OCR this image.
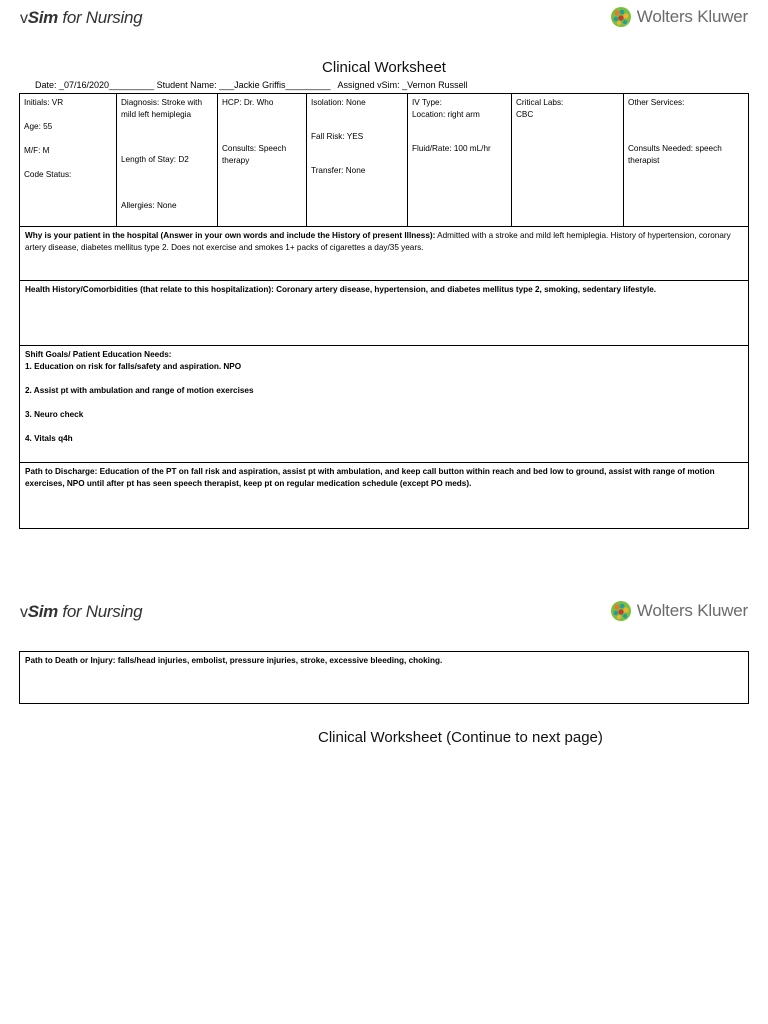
vSim for Nursing	Wolters Kluwer
Clinical Worksheet
Date: _07/16/2020_________ Student Name: ___Jackie Griffis_________   Assigned vSim: _Vernon Russell
Initials: VR
Age: 55
M/F: M
Code Status:
Diagnosis: Stroke with mild left hemiplegia
Length of Stay: D2
Allergies: None
HCP: Dr. Who
Consults: Speech therapy
Isolation: None
Fall Risk: YES
Transfer: None
IV Type:
Location: right arm
Fluid/Rate: 100 mL/hr
Critical Labs:
CBC
Other Services:
Consults Needed: speech therapist
Why is your patient in the hospital (Answer in your own words and include the History of present Illness): Admitted with a stroke and mild left hemiplegia. History of hypertension, coronary artery disease, diabetes mellitus type 2. Does not exercise and smokes 1+ packs of cigarettes a day/35 years.
Health History/Comorbidities (that relate to this hospitalization): Coronary artery disease, hypertension, and diabetes mellitus type 2, smoking, sedentary lifestyle.
Shift Goals/ Patient Education Needs:
1. Education on risk for falls/safety and aspiration. NPO
2. Assist pt with ambulation and range of motion exercises
3. Neuro check
4. Vitals q4h
Path to Discharge: Education of the PT on fall risk and aspiration, assist pt with ambulation, and keep call button within reach and bed low to ground, assist with range of motion exercises, NPO until after pt has seen speech therapist, keep pt on regular medication schedule (except PO meds).
vSim for Nursing	Wolters Kluwer
Path to Death or Injury: falls/head injuries, embolist, pressure injuries, stroke, excessive bleeding, choking.
Clinical Worksheet (Continue to next page)
